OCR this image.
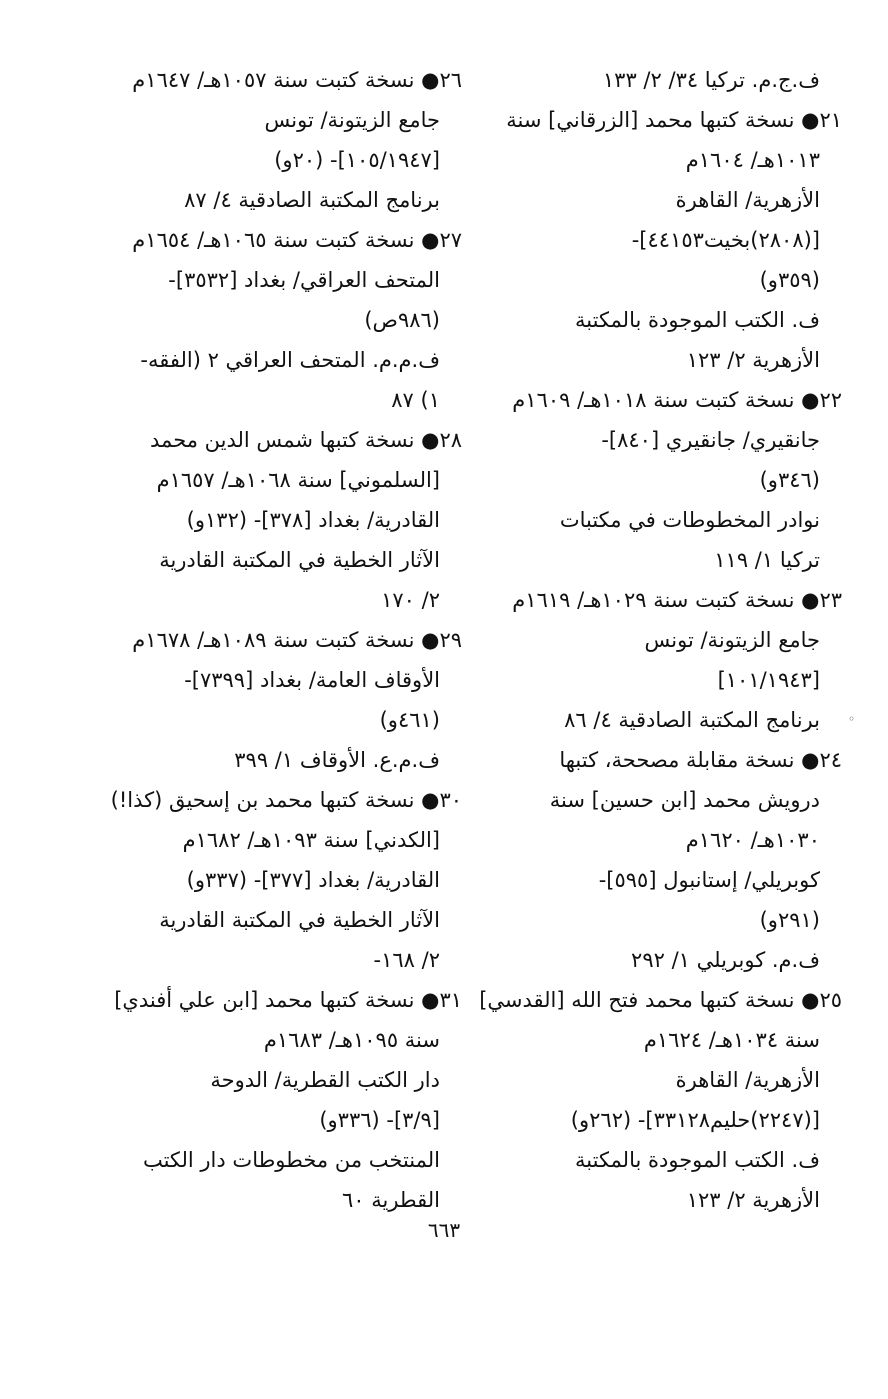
ف.ج.م. تركيا ٣٤/ ٢/ ١٣٣
٢١● نسخة كتبها محمد [الزرقاني] سنة
١٠١٣هـ/ ١٦٠٤م
الأزهرية/ القاهرة
[(٢٨٠٨)بخيت٤٤١٥٣]-
(٣٥٩و)
ف. الكتب الموجودة بالمكتبة
الأزهرية ٢/ ١٢٣
٢٢● نسخة كتبت سنة ١٠١٨هـ/ ١٦٠٩م
جانقيري/ جانقيري [٨٤٠]-
(٣٤٦و)
نوادر المخطوطات في مكتبات
تركيا ١/ ١١٩
٢٣● نسخة كتبت سنة ١٠٢٩هـ/ ١٦١٩م
جامع الزيتونة/ تونس
[١٠١/١٩٤٣]
برنامج المكتبة الصادقية ٤/ ٨٦
٢٤● نسخة مقابلة مصححة، كتبها
درويش محمد [ابن حسين] سنة
١٠٣٠هـ/ ١٦٢٠م
كوبريلي/ إستانبول [٥٩٥]-
(٢٩١و)
ف.م. كوبريلي ١/ ٢٩٢
٢٥● نسخة كتبها محمد فتح الله [القدسي]
سنة ١٠٣٤هـ/ ١٦٢٤م
الأزهرية/ القاهرة
[(٢٢٤٧)حليم٣٣١٢٨]- (٢٦٢و)
ف. الكتب الموجودة بالمكتبة
الأزهرية ٢/ ١٢٣
٢٦● نسخة كتبت سنة ١٠٥٧هـ/ ١٦٤٧م
جامع الزيتونة/ تونس
[١٠٥/١٩٤٧]- (٢٠و)
برنامج المكتبة الصادقية ٤/ ٨٧
٢٧● نسخة كتبت سنة ١٠٦٥هـ/ ١٦٥٤م
المتحف العراقي/ بغداد [٣٥٣٢]-
(٩٨٦ص)
ف.م.م. المتحف العراقي ٢ (الفقه-
١) ٨٧
٢٨● نسخة كتبها شمس الدين محمد
[السلموني] سنة ١٠٦٨هـ/ ١٦٥٧م
القادرية/ بغداد [٣٧٨]- (١٣٢و)
الآثار الخطية في المكتبة القادرية
٢/ ١٧٠
٢٩● نسخة كتبت سنة ١٠٨٩هـ/ ١٦٧٨م
الأوقاف العامة/ بغداد [٧٣٩٩]-
(٤٦١و)
ف.م.ع. الأوقاف ١/ ٣٩٩
٣٠● نسخة كتبها محمد بن إسحيق (كذا!)
[الكدني] سنة ١٠٩٣هـ/ ١٦٨٢م
القادرية/ بغداد [٣٧٧]- (٣٣٧و)
الآثار الخطية في المكتبة القادرية
٢/ ١٦٨-
٣١● نسخة كتبها محمد [ابن علي أفندي]
سنة ١٠٩٥هـ/ ١٦٨٣م
دار الكتب القطرية/ الدوحة
[٣/٩]- (٣٣٦و)
المنتخب من مخطوطات دار الكتب
القطرية ٦٠
◦
٦٦٣
